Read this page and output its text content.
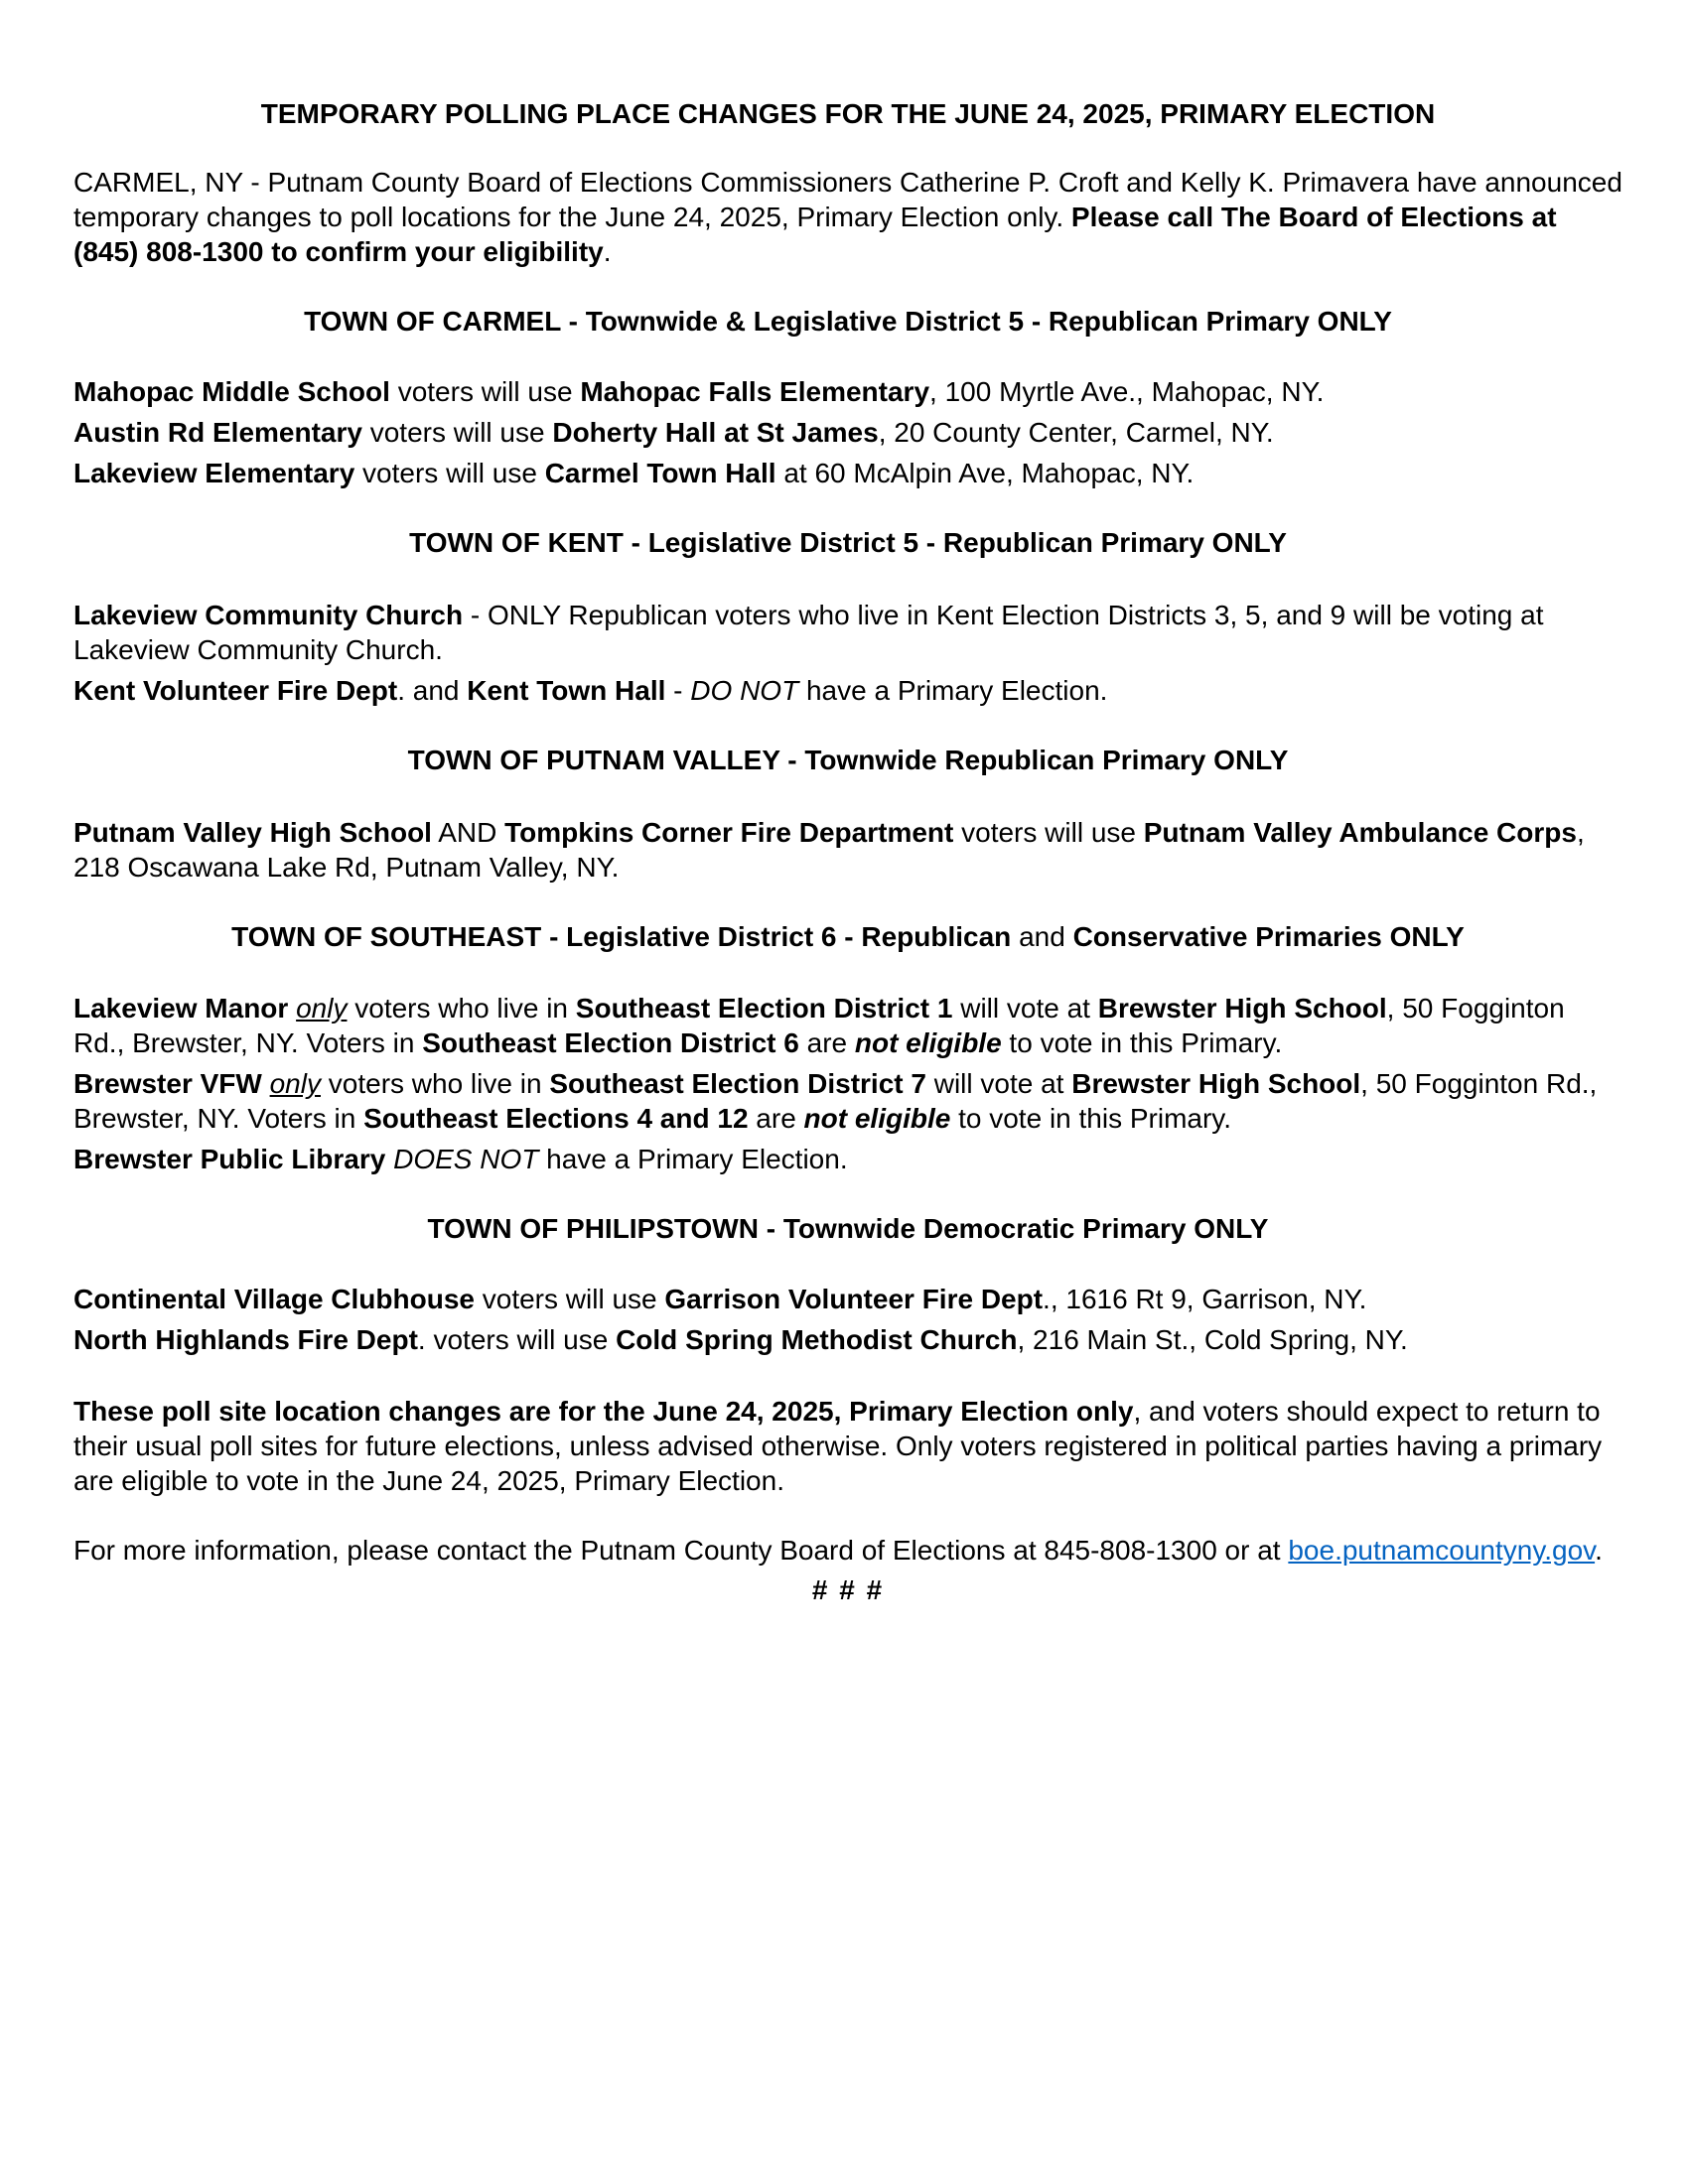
TEMPORARY POLLING PLACE CHANGES FOR THE JUNE 24, 2025, PRIMARY ELECTION

CARMEL, NY - Putnam County Board of Elections Commissioners Catherine P. Croft and Kelly K. Primavera have announced temporary changes to poll locations for the June 24, 2025, Primary Election only. Please call The Board of Elections at (845) 808-1300 to confirm your eligibility.

TOWN OF CARMEL - Townwide & Legislative District 5 - Republican Primary ONLY

Mahopac Middle School voters will use Mahopac Falls Elementary, 100 Myrtle Ave., Mahopac, NY.

Austin Rd Elementary voters will use Doherty Hall at St James, 20 County Center, Carmel, NY.

Lakeview Elementary voters will use Carmel Town Hall at 60 McAlpin Ave, Mahopac, NY.

TOWN OF KENT - Legislative District 5 - Republican Primary ONLY

Lakeview Community Church - ONLY Republican voters who live in Kent Election Districts 3, 5, and 9 will be voting at Lakeview Community Church.

Kent Volunteer Fire Dept. and Kent Town Hall - DO NOT have a Primary Election.

TOWN OF PUTNAM VALLEY - Townwide Republican Primary ONLY

Putnam Valley High School AND Tompkins Corner Fire Department voters will use Putnam Valley Ambulance Corps, 218 Oscawana Lake Rd, Putnam Valley, NY.

TOWN OF SOUTHEAST - Legislative District 6 - Republican and Conservative Primaries ONLY

Lakeview Manor only voters who live in Southeast Election District 1 will vote at Brewster High School, 50 Fogginton Rd., Brewster, NY. Voters in Southeast Election District 6 are not eligible to vote in this Primary.

Brewster VFW only voters who live in Southeast Election District 7 will vote at Brewster High School, 50 Fogginton Rd., Brewster, NY. Voters in Southeast Elections 4 and 12 are not eligible to vote in this Primary.

Brewster Public Library DOES NOT have a Primary Election.

TOWN OF PHILIPSTOWN - Townwide Democratic Primary ONLY

Continental Village Clubhouse voters will use Garrison Volunteer Fire Dept., 1616 Rt 9, Garrison, NY.

North Highlands Fire Dept. voters will use Cold Spring Methodist Church, 216 Main St., Cold Spring, NY.

These poll site location changes are for the June 24, 2025, Primary Election only, and voters should expect to return to their usual poll sites for future elections, unless advised otherwise. Only voters registered in political parties having a primary are eligible to vote in the June 24, 2025, Primary Election.

For more information, please contact the Putnam County Board of Elections at 845-808-1300 or at boe.putnamcountyny.gov.

# # #
